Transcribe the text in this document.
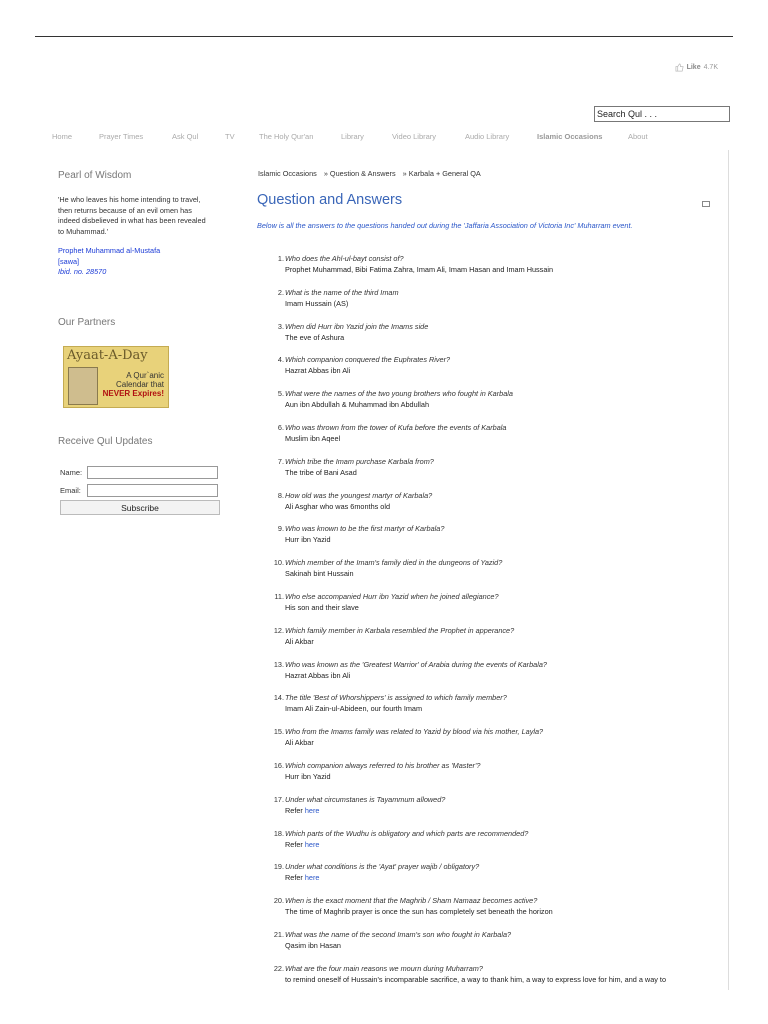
Like 4.7K
Search Qul . . .
Home	Prayer Times	Ask Qul	TV	The Holy Qur'an	Library	Video Library	Audio Library	Islamic Occasions	About
Pearl of Wisdom
'He who leaves his home intending to travel, then returns because of an evil omen has indeed disbelieved in what has been revealed to Muhammad.'
Prophet Muhammad al-Mustafa
[sawa]
Ibid. no. 28570
Our Partners
Ayaat-A-Day
A Qur`anic
Calendar that
NEVER Expires!
Receive Qul Updates
Name:
Email:
Subscribe
Islamic Occasions » Question & Answers » Karbala + General QA
Question and Answers
Below is all the answers to the questions handed out during the 'Jaffaria Association of Victoria Inc' Muharram event.
1. Who does the Ahl-ul-bayt consist of?
Prophet Muhammad, Bibi Fatima Zahra, Imam Ali, Imam Hasan and Imam Hussain
2. What is the name of the third Imam
Imam Hussain (AS)
3. When did Hurr ibn Yazid join the Imams side
The eve of Ashura
4. Which companion conquered the Euphrates River?
Hazrat Abbas ibn Ali
5. What were the names of the two young brothers who fought in Karbala
Aun ibn Abdullah & Muhammad ibn Abdullah
6. Who was thrown from the tower of Kufa before the events of Karbala
Muslim ibn Aqeel
7. Which tribe the Imam purchase Karbala from?
The tribe of Bani Asad
8. How old was the youngest martyr of Karbala?
Ali Asghar who was 6months old
9. Who was known to be the first martyr of Karbala?
Hurr ibn Yazid
10. Which member of the Imam's family died in the dungeons of Yazid?
Sakinah bint Hussain
11. Who else accompanied Hurr ibn Yazid when he joined allegiance?
His son and their slave
12. Which family member in Karbala resembled the Prophet in apperance?
Ali Akbar
13. Who was known as the 'Greatest Warrior' of Arabia during the events of Karbala?
Hazrat Abbas ibn Ali
14. The title 'Best of Whorshippers' is assigned to which family member?
Imam Ali Zain-ul-Abideen, our fourth Imam
15. Who from the Imams family was related to Yazid by blood via his mother, Layla?
Ali Akbar
16. Which companion always referred to his brother as 'Master'?
Hurr ibn Yazid
17. Under what circumstanes is Tayammum allowed?
Refer here
18. Which parts of the Wudhu is obligatory and which parts are recommended?
Refer here
19. Under what conditions is the 'Ayat' prayer wajib / obligatory?
Refer here
20. When is the exact moment that the Maghrib / Sham Namaaz becomes active?
The time of Maghrib prayer is once the sun has completely set beneath the horizon
21. What was the name of the second Imam's son who fought in Karbala?
Qasim ibn Hasan
22. What are the four main reasons we mourn during Muharram?
to remind oneself of Hussain's incomparable sacrifice, a way to thank him, a way to express love for him, and a way to
